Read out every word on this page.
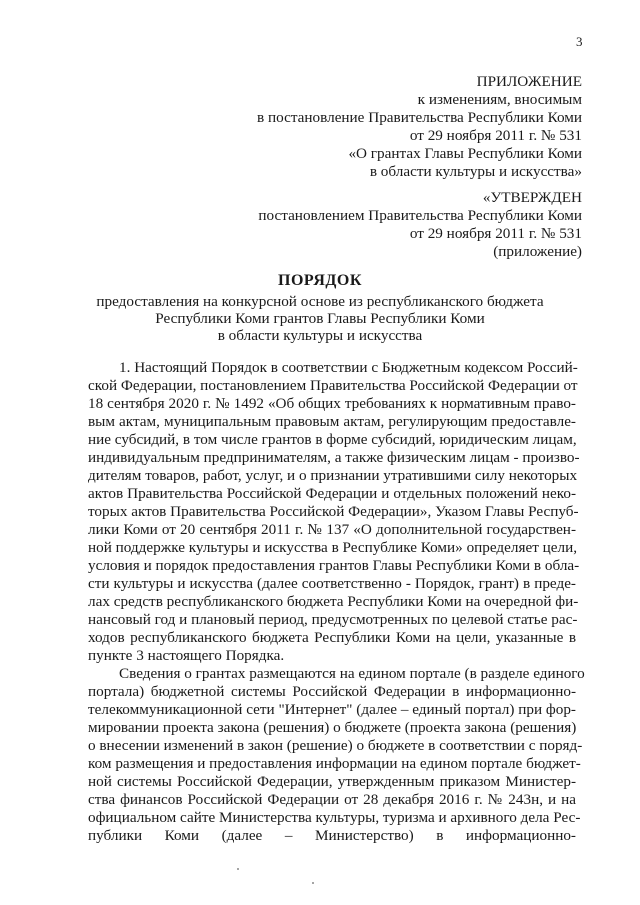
3
ПРИЛОЖЕНИЕ
к изменениям, вносимым
в постановление Правительства Республики Коми
от 29 ноября 2011 г. № 531
«О грантах Главы Республики Коми
в области культуры и искусства»
«УТВЕРЖДЕН
постановлением Правительства Республики Коми
от 29 ноября 2011 г. № 531
(приложение)
ПОРЯДОК
предоставления на конкурсной основе из республиканского бюджета
Республики Коми грантов Главы Республики Коми
в области культуры и искусства
1. Настоящий Порядок в соответствии с Бюджетным кодексом Россий-
ской Федерации, постановлением Правительства Российской Федерации от
18 сентября 2020 г. № 1492 «Об общих требованиях к нормативным право-
вым актам, муниципальным правовым актам, регулирующим предоставле-
ние субсидий, в том числе грантов в форме субсидий, юридическим лицам,
индивидуальным предпринимателям, а также физическим лицам - произво-
дителям товаров, работ, услуг, и о признании утратившими силу некоторых
актов Правительства Российской Федерации и отдельных положений неко-
торых актов Правительства Российской Федерации», Указом Главы Респуб-
лики Коми от 20 сентября 2011 г. № 137 «О дополнительной государствен-
ной поддержке культуры и искусства в Республике Коми» определяет цели,
условия и порядок предоставления грантов Главы Республики Коми в обла-
сти культуры и искусства (далее соответственно - Порядок, грант) в преде-
лах средств республиканского бюджета Республики Коми на очередной фи-
нансовый год и плановый период, предусмотренных по целевой статье рас-
ходов республиканского бюджета Республики Коми на цели, указанные в
пункте 3 настоящего Порядка.
Сведения о грантах размещаются на едином портале (в разделе единого
портала) бюджетной системы Российской Федерации в информационно-
телекоммуникационной сети "Интернет" (далее – единый портал) при фор-
мировании проекта закона (решения) о бюджете (проекта закона (решения)
о внесении изменений в закон (решение) о бюджете в соответствии с поряд-
ком размещения и предоставления информации на едином портале бюджет-
ной системы Российской Федерации, утвержденным приказом Министер-
ства финансов Российской Федерации от 28 декабря 2016 г. № 243н, и на
официальном сайте Министерства культуры, туризма и архивного дела Рес-
публики Коми (далее – Министерство) в информационно-
